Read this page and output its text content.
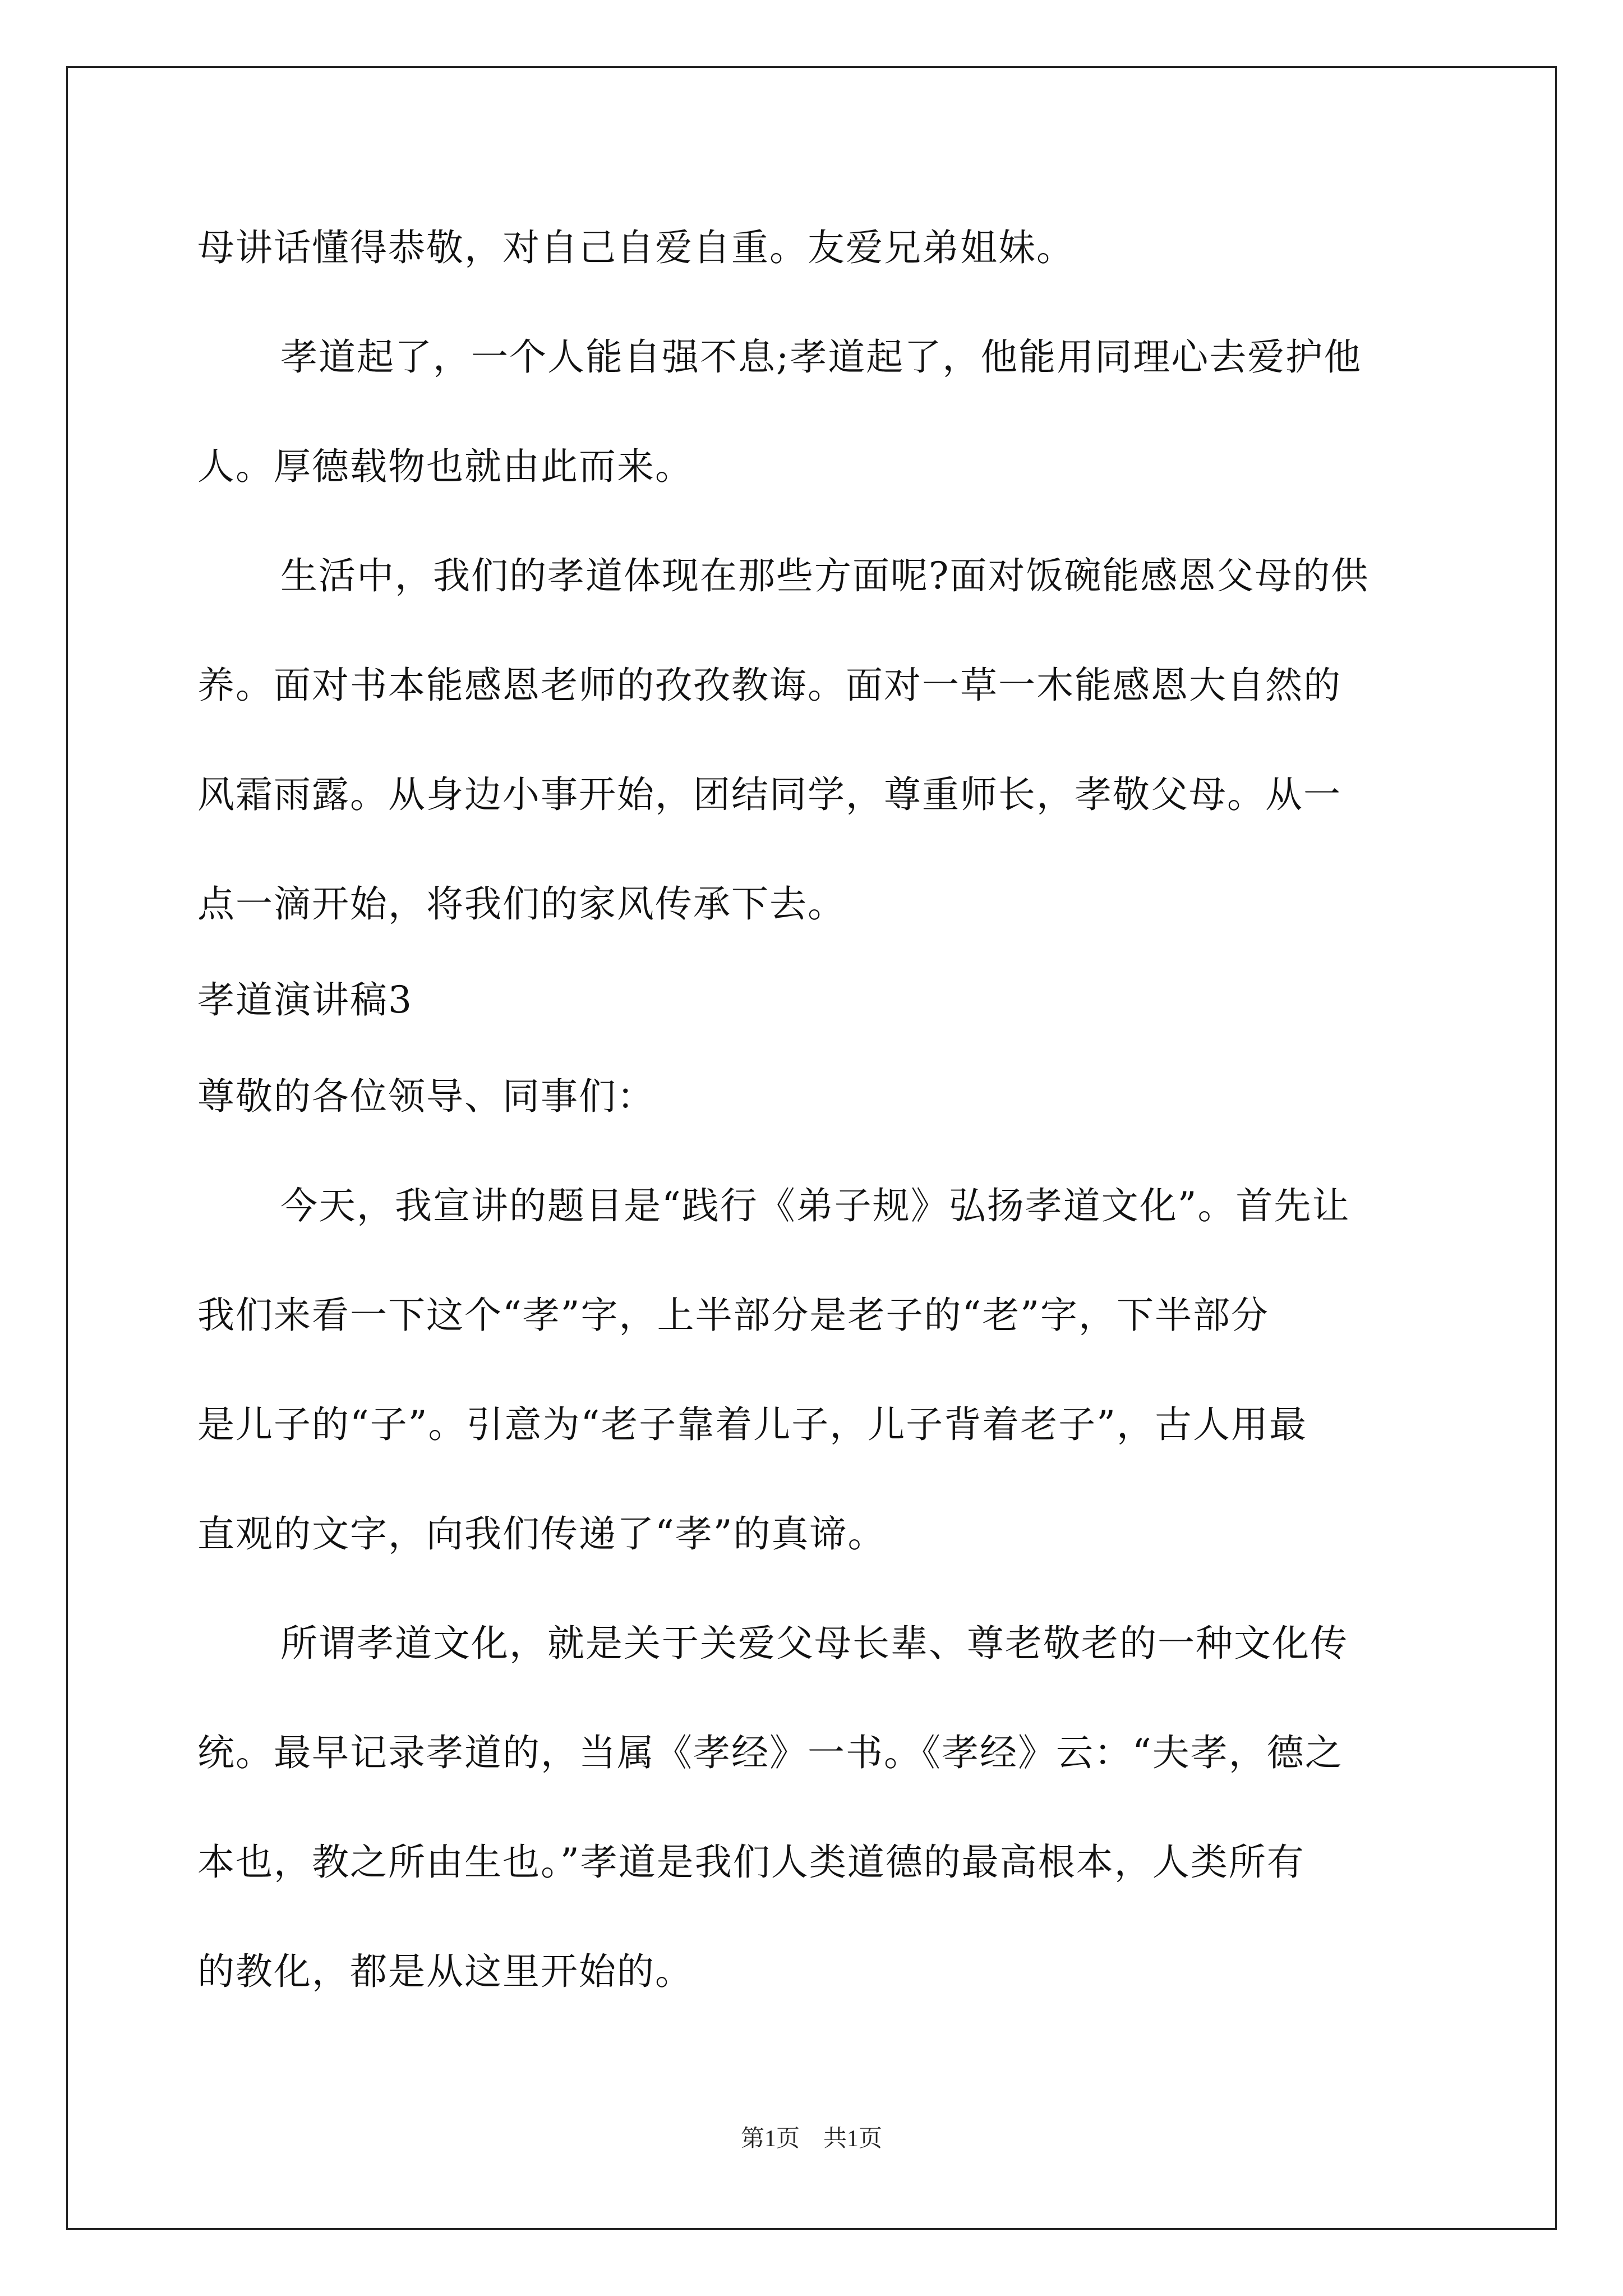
母讲话懂得恭敬，对自己自爱自重。友爱兄弟姐妹。
孝道起了，一个人能自强不息;孝道起了，他能用同理心去爱护他
人。厚德载物也就由此而来。
生活中，我们的孝道体现在那些方面呢?面对饭碗能感恩父母的供
养。面对书本能感恩老师的孜孜教诲。面对一草一木能感恩大自然的
风霜雨露。从身边小事开始，团结同学，尊重师长，孝敬父母。从一
点一滴开始，将我们的家风传承下去。
孝道演讲稿3
尊敬的各位领导、同事们：
今天，我宣讲的题目是“践行《弟子规》弘扬孝道文化”。首先让
我们来看一下这个“孝”字，上半部分是老子的“老”字，下半部分
是儿子的“子”。引意为“老子靠着儿子，儿子背着老子”，古人用最
直观的文字，向我们传递了“孝”的真谛。
所谓孝道文化，就是关于关爱父母长辈、尊老敬老的一种文化传
统。最早记录孝道的，当属《孝经》一书。《孝经》云：“夫孝，德之
本也，教之所由生也。”孝道是我们人类道德的最高根本，人类所有
的教化，都是从这里开始的。
第1页　共1页
